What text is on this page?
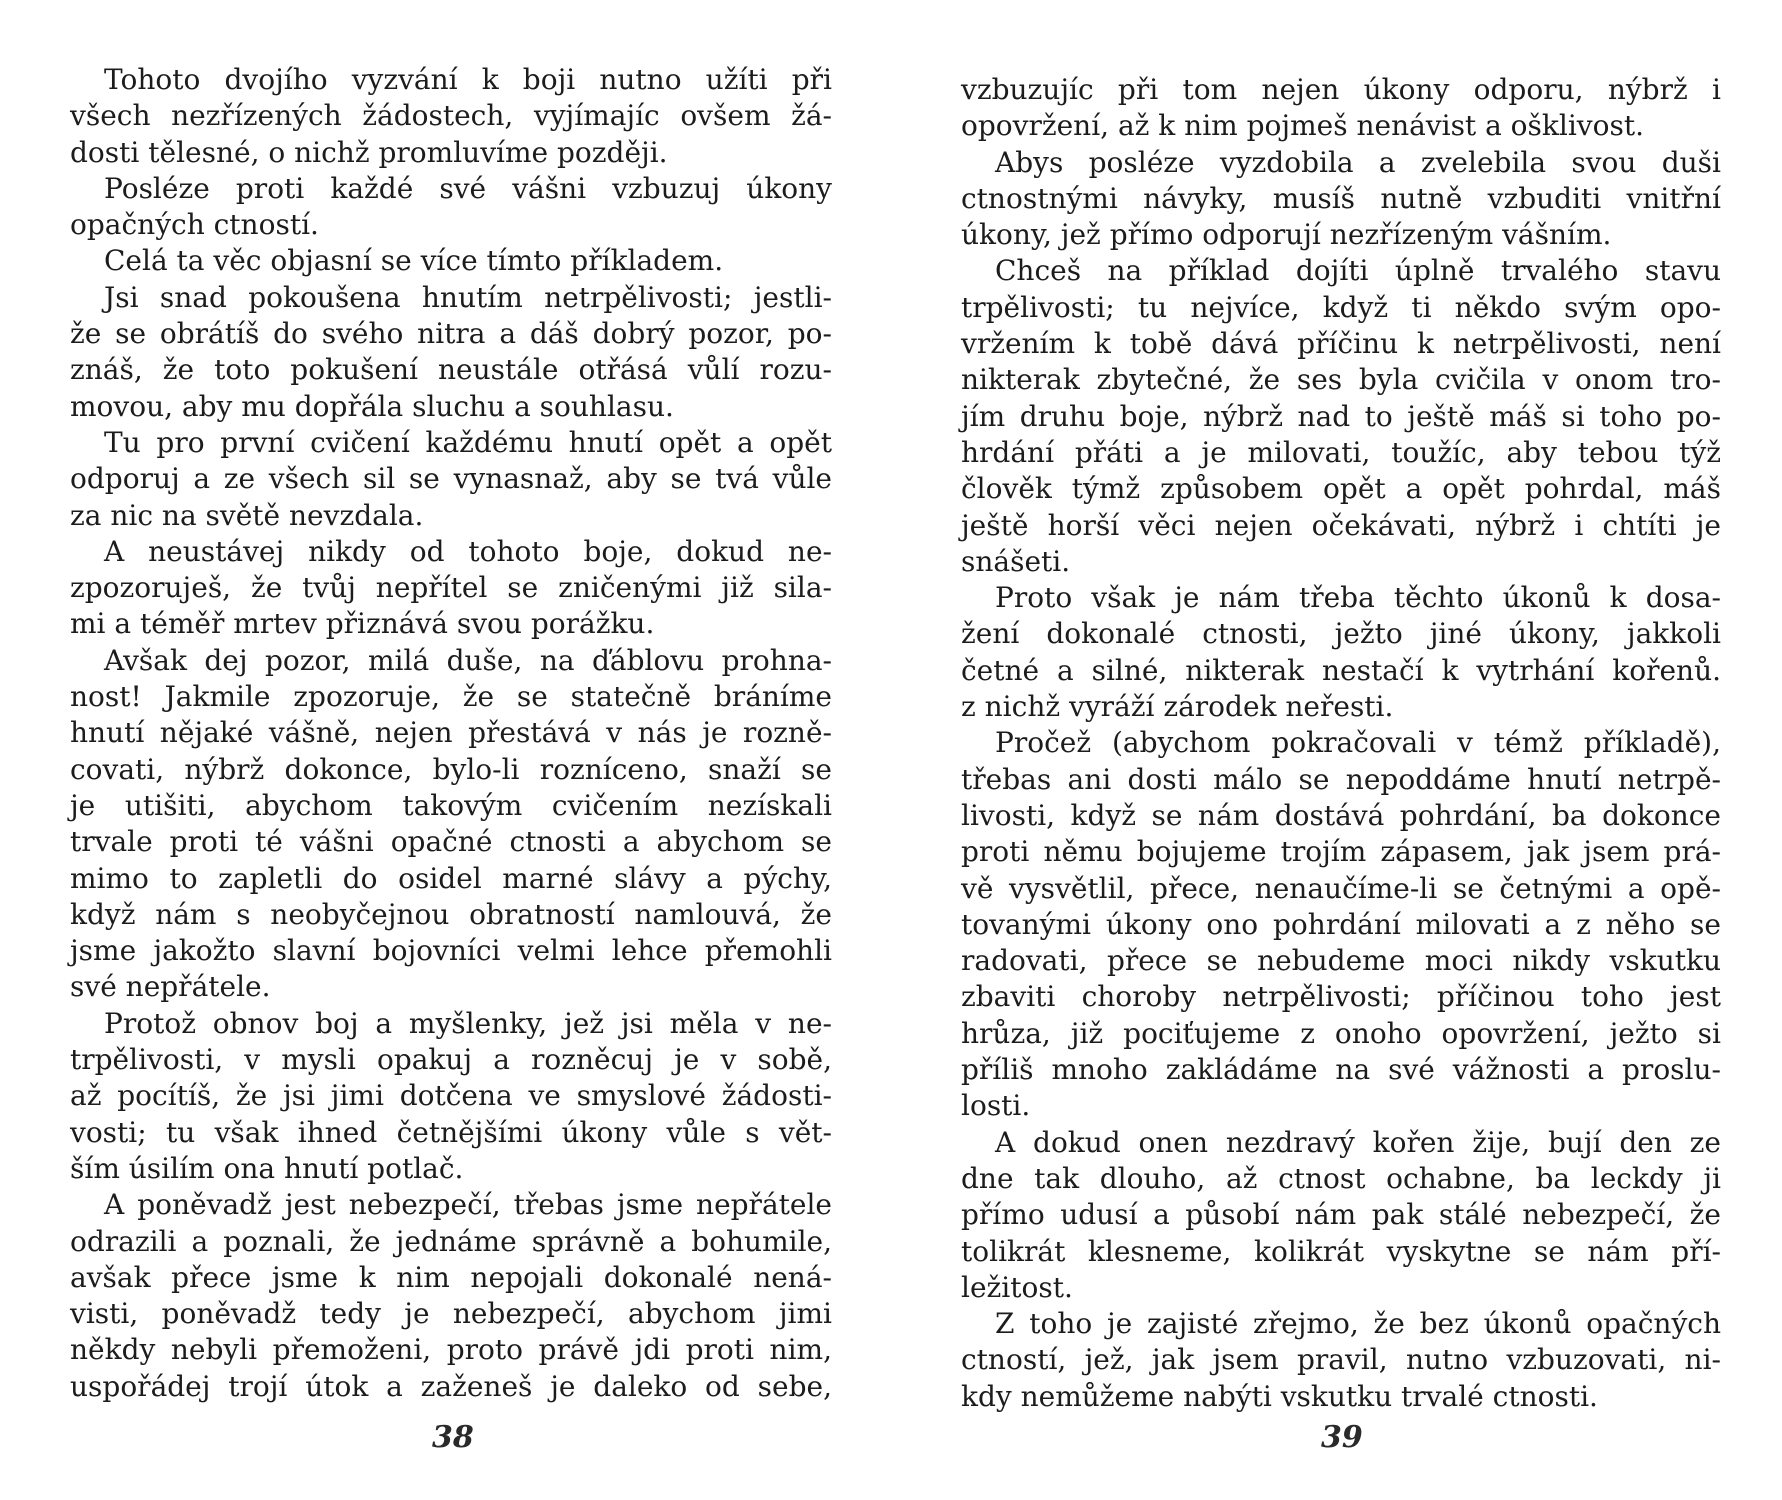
Tohoto dvojího vyzvání k boji nutno užíti při
všech nezřízených žádostech, vyjímajíc ovšem žá-
dosti tělesné, o nichž promluvíme později.
Posléze proti každé své vášni vzbuzuj úkony
opačných ctností.
Celá ta věc objasní se více tímto příkladem.
Jsi snad pokoušena hnutím netrpělivosti; jestli-
že se obrátíš do svého nitra a dáš dobrý pozor, po-
znáš, že toto pokušení neustále otřásá vůlí rozu-
movou, aby mu dopřála sluchu a souhlasu.
Tu pro první cvičení každému hnutí opět a opět
odporuj a ze všech sil se vynasnaž, aby se tvá vůle
za nic na světě nevzdala.
A neustávej nikdy od tohoto boje, dokud ne-
zpozoruješ, že tvůj nepřítel se zničenými již sila-
mi a téměř mrtev přiznává svou porážku.
Avšak dej pozor, milá duše, na ďáblovu prohna-
nost! Jakmile zpozoruje, že se statečně bráníme
hnutí nějaké vášně, nejen přestává v nás je rozně-
covati, nýbrž dokonce, bylo-li rozníceno, snaží se
je utišiti, abychom takovým cvičením nezískali
trvale proti té vášni opačné ctnosti a abychom se
mimo to zapletli do osidel marné slávy a pýchy,
když nám s neobyčejnou obratností namlouvá, že
jsme jakožto slavní bojovníci velmi lehce přemohli
své nepřátele.
Protož obnov boj a myšlenky, jež jsi měla v ne-
trpělivosti, v mysli opakuj a rozněcuj je v sobě,
až pocítíš, že jsi jimi dotčena ve smyslové žádosti-
vosti; tu však ihned četnějšími úkony vůle s vět-
ším úsilím ona hnutí potlač.
A poněvadž jest nebezpečí, třebas jsme nepřátele
odrazili a poznali, že jednáme správně a bohumile,
avšak přece jsme k nim nepojali dokonalé nená-
visti, poněvadž tedy je nebezpečí, abychom jimi
někdy nebyli přemoženi, proto právě jdi proti nim,
uspořádej trojí útok a zaženeš je daleko od sebe,
38
vzbuzujíc při tom nejen úkony odporu, nýbrž i
opovržení, až k nim pojmeš nenávist a ošklivost.
Abys posléze vyzdobila a zvelebila svou duši
ctnostnými návyky, musíš nutně vzbuditi vnitřní
úkony, jež přímo odporují nezřízeným vášním.
Chceš na příklad dojíti úplně trvalého stavu
trpělivosti; tu nejvíce, když ti někdo svým opo-
vržením k tobě dává příčinu k netrpělivosti, není
nikterak zbytečné, že ses byla cvičila v onom tro-
jím druhu boje, nýbrž nad to ještě máš si toho po-
hrdání přáti a je milovati, toužíc, aby tebou týž
člověk týmž způsobem opět a opět pohrdal, máš
ještě horší věci nejen očekávati, nýbrž i chtíti je
snášeti.
Proto však je nám třeba těchto úkonů k dosa-
žení dokonalé ctnosti, ježto jiné úkony, jakkoli
četné a silné, nikterak nestačí k vytrhání kořenů.
z nichž vyráží zárodek neřesti.
Pročež (abychom pokračovali v témž příkladě),
třebas ani dosti málo se nepoddáme hnutí netrpě-
livosti, když se nám dostává pohrdání, ba dokonce
proti němu bojujeme trojím zápasem, jak jsem prá-
vě vysvětlil, přece, nenaučíme-li se četnými a opě-
tovanými úkony ono pohrdání milovati a z něho se
radovati, přece se nebudeme moci nikdy vskutku
zbaviti choroby netrpělivosti; příčinou toho jest
hrůza, již pociťujeme z onoho opovržení, ježto si
příliš mnoho zakládáme na své vážnosti a proslu-
losti.
A dokud onen nezdravý kořen žije, bují den ze
dne tak dlouho, až ctnost ochabne, ba leckdy ji
přímo udusí a působí nám pak stálé nebezpečí, že
tolikrát klesneme, kolikrát vyskytne se nám pří-
ležitost.
Z toho je zajisté zřejmo, že bez úkonů opačných
ctností, jež, jak jsem pravil, nutno vzbuzovati, ni-
kdy nemůžeme nabýti vskutku trvalé ctnosti.
39
